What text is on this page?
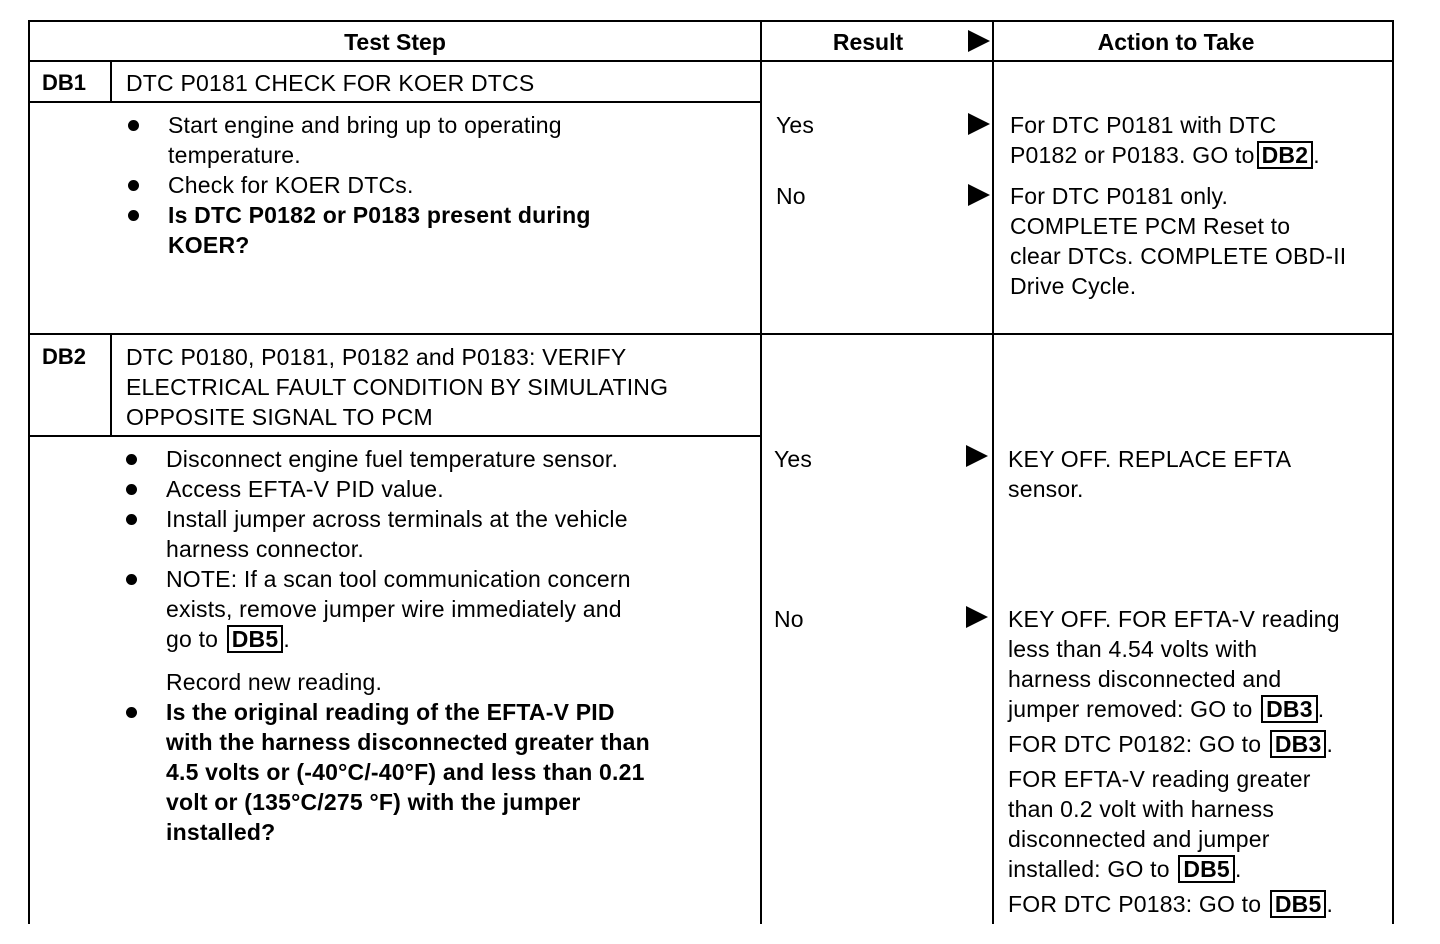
Test Step	Result	Action to Take
DB1 DTC P0181 CHECK FOR KOER DTCS
Start engine and bring up to operating
temperature.
Check for KOER DTCs.
Is DTC P0182 or P0183 present during
KOER?
Yes
No
For DTC P0181 with DTC
P0182 or P0183. GO to DB2 .
For DTC P0181 only.
COMPLETE PCM Reset to
clear DTCs. COMPLETE OBD-II
Drive Cycle.
DB2 DTC P0180, P0181, P0182 and P0183: VERIFY
ELECTRICAL FAULT CONDITION BY SIMULATING
OPPOSITE SIGNAL TO PCM
Disconnect engine fuel temperature sensor.
Access EFTA-V PID value.
Install jumper across terminals at the vehicle
harness connector.
NOTE: If a scan tool communication concern
exists, remove jumper wire immediately and
go to DB5 .
Record new reading.
Is the original reading of the EFTA-V PID
with the harness disconnected greater than
4.5 volts or (-40°C/-40°F) and less than 0.21
volt or (135°C/275 °F) with the jumper
installed?
Yes
No
KEY OFF. REPLACE EFTA
sensor.
KEY OFF. FOR EFTA-V reading
less than 4.54 volts with
harness disconnected and
jumper removed: GO to DB3 .
FOR DTC P0182: GO to DB3 .
FOR EFTA-V reading greater
than 0.2 volt with harness
disconnected and jumper
installed: GO to DB5 .
FOR DTC P0183: GO to DB5 .
